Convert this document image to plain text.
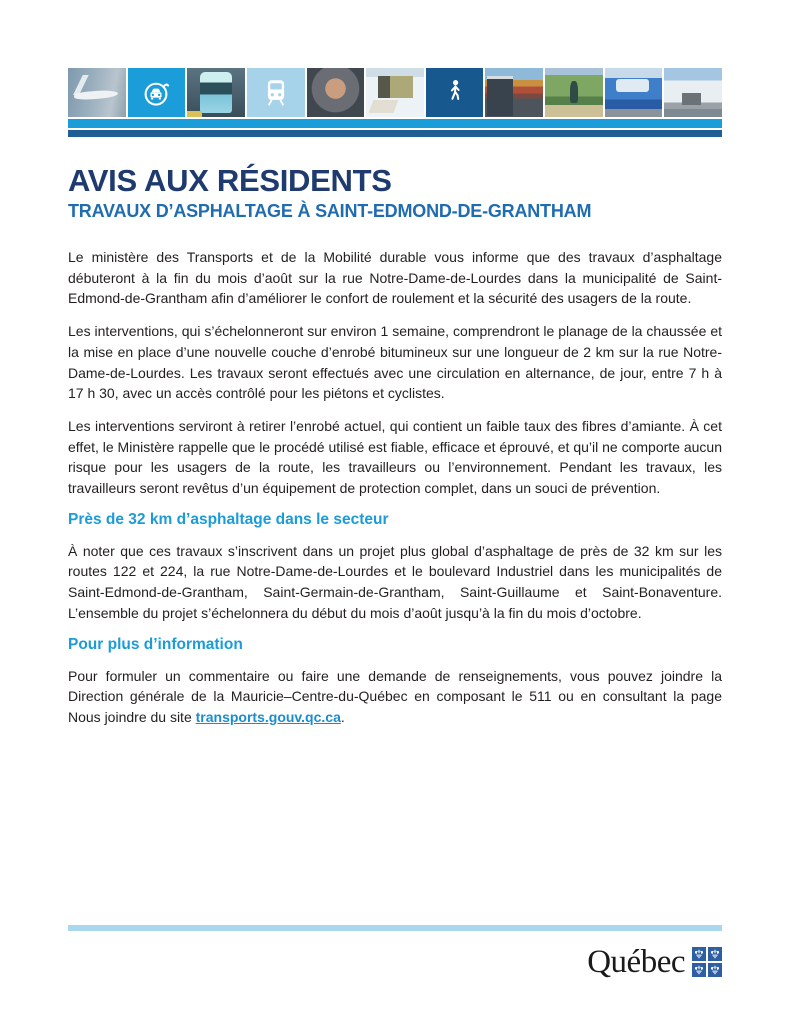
AVIS AUX RÉSIDENTS
TRAVAUX D’ASPHALTAGE À SAINT-EDMOND-DE-GRANTHAM

Le ministère des Transports et de la Mobilité durable vous informe que des travaux d’asphaltage débuteront à la fin du mois d’août sur la rue Notre-Dame-de-Lourdes dans la municipalité de Saint-Edmond-de-Grantham afin d’améliorer le confort de roulement et la sécurité des usagers de la route.

Les interventions, qui s’échelonneront sur environ 1 semaine, comprendront le planage de la chaussée et la mise en place d’une nouvelle couche d’enrobé bitumineux sur une longueur de 2 km sur la rue Notre-Dame-de-Lourdes. Les travaux seront effectués avec une circulation en alternance, de jour, entre 7 h à 17 h 30, avec un accès contrôlé pour les piétons et cyclistes.

Les interventions serviront à retirer l’enrobé actuel, qui contient un faible taux des fibres d’amiante. À cet effet, le Ministère rappelle que le procédé utilisé est fiable, efficace et éprouvé, et qu’il ne comporte aucun risque pour les usagers de la route, les travailleurs ou l’environnement. Pendant les travaux, les travailleurs seront revêtus d’un équipement de protection complet, dans un souci de prévention.

Près de 32 km d’asphaltage dans le secteur

À noter que ces travaux s’inscrivent dans un projet plus global d’asphaltage de près de 32 km sur les routes 122 et 224, la rue Notre-Dame-de-Lourdes et le boulevard Industriel dans les municipalités de Saint-Edmond-de-Grantham, Saint-Germain-de-Grantham, Saint-Guillaume et Saint-Bonaventure. L’ensemble du projet s’échelonnera du début du mois d’août jusqu’à la fin du mois d’octobre.

Pour plus d’information

Pour formuler un commentaire ou faire une demande de renseignements, vous pouvez joindre la Direction générale de la Mauricie–Centre-du-Québec en composant le 511 ou en consultant la page Nous joindre du site transports.gouv.qc.ca.

Québec
